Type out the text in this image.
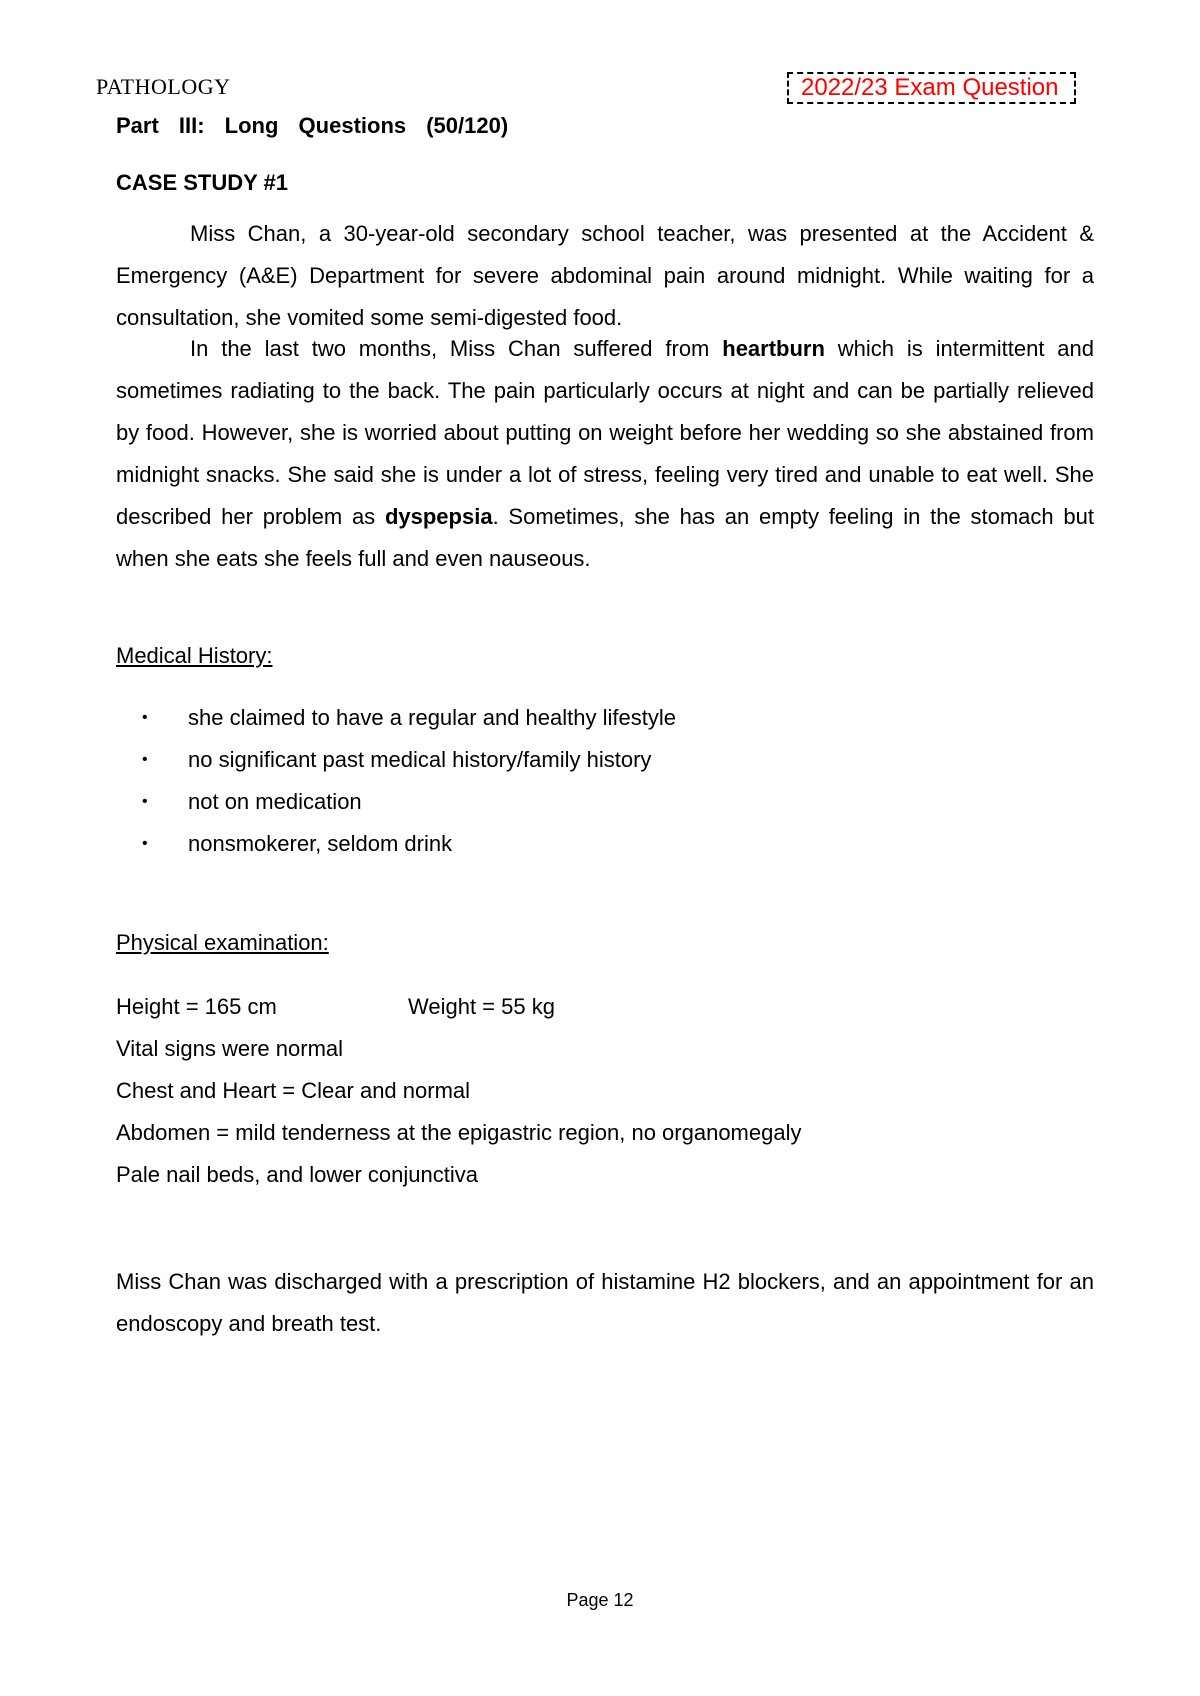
PATHOLOGY	2022/23 Exam Question
Part III: Long Questions (50/120)
CASE STUDY #1

Miss Chan, a 30-year-old secondary school teacher, was presented at the Accident & Emergency (A&E) Department for severe abdominal pain around midnight. While waiting for a consultation, she vomited some semi-digested food.

In the last two months, Miss Chan suffered from heartburn which is intermittent and sometimes radiating to the back. The pain particularly occurs at night and can be partially relieved by food. However, she is worried about putting on weight before her wedding so she abstained from midnight snacks. She said she is under a lot of stress, feeling very tired and unable to eat well. She described her problem as dyspepsia. Sometimes, she has an empty feeling in the stomach but when she eats she feels full and even nauseous.

Medical History:
• she claimed to have a regular and healthy lifestyle
• no significant past medical history/family history
• not on medication
• nonsmokerer, seldom drink
Physical examination:
Height = 165 cm	Weight = 55 kg
Vital signs were normal
Chest and Heart = Clear and normal
Abdomen = mild tenderness at the epigastric region, no organomegaly
Pale nail beds, and lower conjunctiva

Miss Chan was discharged with a prescription of histamine H2 blockers, and an appointment for an endoscopy and breath test.

Page 12
